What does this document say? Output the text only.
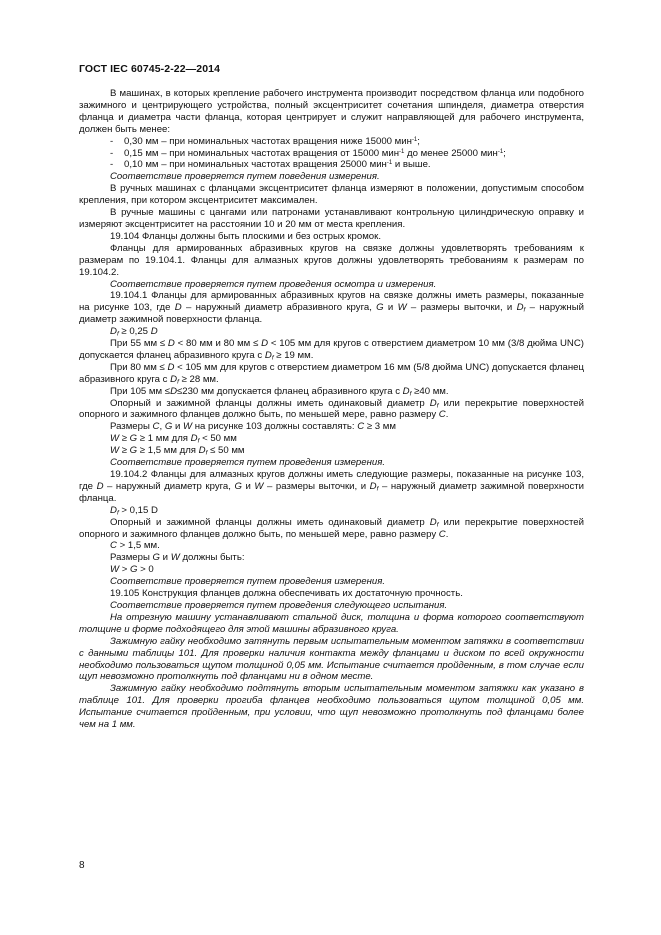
ГОСТ IEC 60745-2-22—2014

В машинах, в которых крепление рабочего инструмента производит посредством фланца или подобного зажимного и центрирующего устройства, полный эксцентриситет сочетания шпинделя, диаметра отверстия фланца и диаметра части фланца, которая центрирует и служит направляющей для рабочего инструмента, должен быть менее:

- 0,30 мм – при номинальных частотах вращения ниже 15000 мин$^{-1}$;

- 0,15 мм – при номинальных частотах вращения от 15000 мин$^{-1}$ до менее 25000 мин$^{-1}$;

- 0,10 мм – при номинальных частотах вращения 25000 мин$^{-1}$ и выше.

Соответствие проверяется путем поведения измерения.

В ручных машинах с фланцами эксцентриситет фланца измеряют в положении, допустимым способом крепления, при котором эксцентриситет максимален.

В ручные машины с цангами или патронами устанавливают контрольную цилиндрическую оправку и измеряют эксцентриситет на расстоянии 10 и 20 мм от места крепления.

19.104 Фланцы должны быть плоскими и без острых кромок.

Фланцы для армированных абразивных кругов на связке должны удовлетворять требованиям к размерам по 19.104.1. Фланцы для алмазных кругов должны удовлетворять требованиям к размерам по 19.104.2.

Соответствие проверяется путем проведения осмотра и измерения.

19.104.1 Фланцы для армированных абразивных кругов на связке должны иметь размеры, показанные на рисунке 103, где D – наружный диаметр абразивного круга, G и W – размеры выточки, и $D_f$ – наружный диаметр зажимной поверхности фланца.

$D_f \ge 0,25$ D

При 55 мм ≤ D < 80 мм и 80 мм ≤ D < 105 мм для кругов с отверстием диаметром 10 мм (3/8 дюйма UNC) допускается фланец абразивного круга с $D_f \ge 19$ мм.

При 80 мм ≤ D < 105 мм для кругов с отверстием диаметром 16 мм (5/8 дюйма UNC) допускается фланец абразивного круга с $D_f \ge 28$ мм.

При 105 мм ≤D≤230 мм допускается фланец абразивного круга с $D_f \ge 40$ мм.

Опорный и зажимной фланцы должны иметь одинаковый диаметр $D_f$ или перекрытие поверхностей опорного и зажимного фланцев должно быть, по меньшей мере, равно размеру C.

Размеры C, G и W на рисунке 103 должны составлять: C ≥ 3 мм

W ≥ G ≥ 1 мм для $D_f < 50$ мм

W ≥ G ≥ 1,5 мм для $D_f \le 50$ мм

Соответствие проверяется путем проведения измерения.

19.104.2 Фланцы для алмазных кругов должны иметь следующие размеры, показанные на рисунке 103, где D – наружный диаметр круга, G и W – размеры выточки, и $D_f$ – наружный диаметр зажимной поверхности фланца.

$D_f > 0,15$ D

Опорный и зажимной фланцы должны иметь одинаковый диаметр $D_f$ или перекрытие поверхностей опорного и зажимного фланцев должно быть, по меньшей мере, равно размеру C.

C > 1,5 мм.

Размеры G и W должны быть:

W > G > 0

Соответствие проверяется путем проведения измерения.

19.105 Конструкция фланцев должна обеспечивать их достаточную прочность.

Соответствие проверяется путем проведения следующего испытания.

На отрезную машину устанавливают стальной диск, толщина и форма которого соответствуют толщине и форме подходящего для этой машины абразивного круга.

Зажимную гайку необходимо затянуть первым испытательным моментом затяжки в соответствии с данными таблицы 101. Для проверки наличия контакта между фланцами и диском по всей окружности необходимо пользоваться щупом толщиной 0,05 мм. Испытание считается пройденным, в том случае если щуп невозможно протолкнуть под фланцами ни в одном месте.

Зажимную гайку необходимо подтянуть вторым испытательным моментом затяжки как указано в таблице 101. Для проверки прогиба фланцев необходимо пользоваться щупом толщиной 0,05 мм. Испытание считается пройденным, при условии, что щуп невозможно протолкнуть под фланцами более чем на 1 мм.

8
